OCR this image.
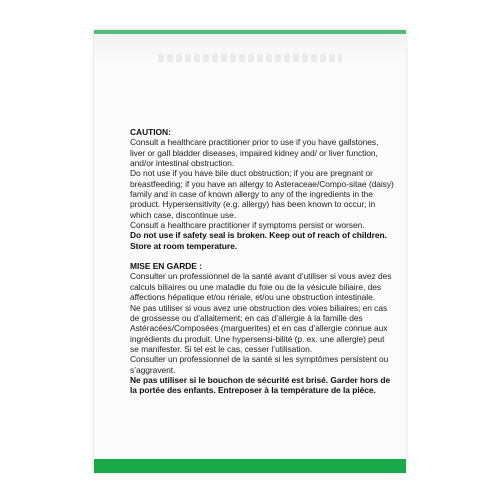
CAUTION:

Consult a healthcare practitioner prior to use if you have gallstones, liver or gall bladder diseases, impaired kidney and/ or liver function, and/or intestinal obstruction.

Do not use if you have bile duct obstruction; if you are pregnant or breastfeeding; if you have an allergy to Asteraceae/Compo-sitae (daisy) family and in case of known allergy to any of the ingredients in the product. Hypersensitivity (e.g. allergy) has been known to occur; in which case, discontinue use.

Consult a healthcare practitioner if symptoms persist or worsen.

Do not use if safety seal is broken. Keep out of reach of children. Store at room temperature.

MISE EN GARDE :

Consulter un professionnel de la santé avant d’utiliser si vous avez des calculs biliaires ou une maladie du foie ou de la vésicule biliaire, des affections hépatique et/ou rénale, et/ou une obstruction intestinale.

Ne pas utiliser si vous avez une obstruction des voies biliaires; en cas de grossesse ou d’allaitement; en cas d’allergie à la famille des Astéracées/Composées (marguerites) et en cas d’allergie connue aux ingrédients du produit. Une hypersensi-bilité (p. ex. une allergie) peut se manifester. Si tel est le cas, cesser l’utilisation.

Consulter un professionnel de la santé si les symptômes persistent ou s’aggravent.

Ne pas utiliser si le bouchon de sécurité est brisé. Garder hors de la portée des enfants. Entreposer à la température de la pièce.
